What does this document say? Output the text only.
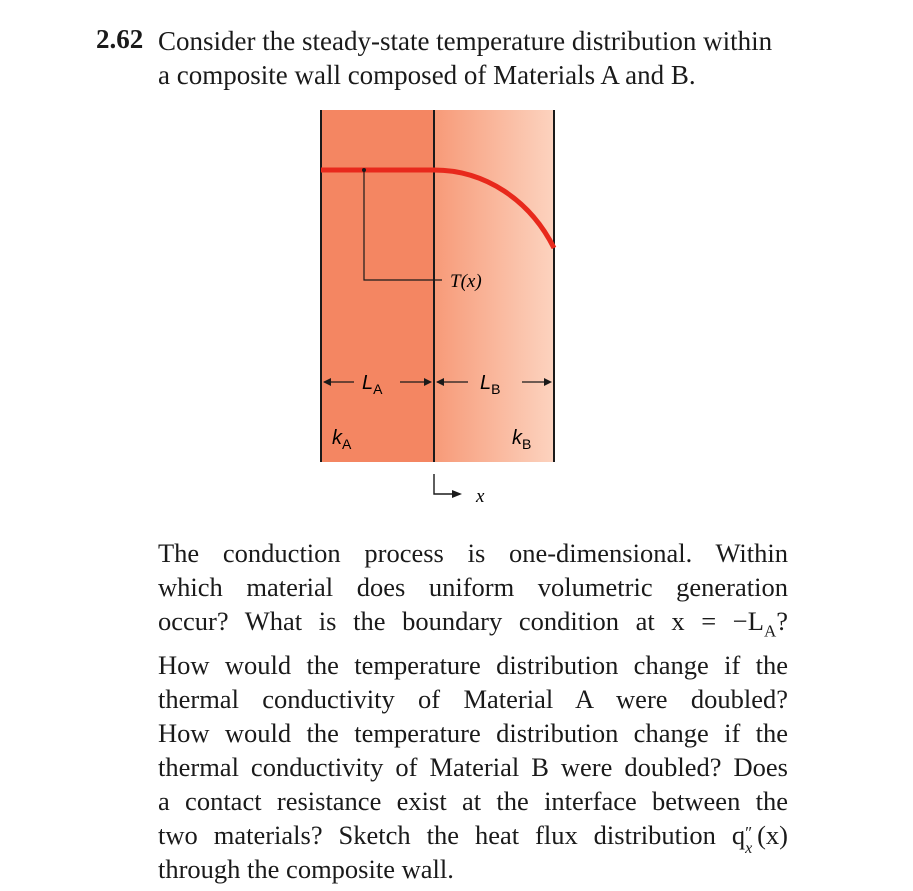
2.62 Consider the steady-state temperature distribution within
a composite wall composed of Materials A and B.
T(x)
$L_A$	$L_B$
$k_A$	$k_B$
x
The conduction process is one-dimensional. Within
which material does uniform volumetric generation
occur? What is the boundary condition at $x = -L_A$?
How would the temperature distribution change if the
thermal conductivity of Material A were doubled?
How would the temperature distribution change if the
thermal conductivity of Material B were doubled? Does
a contact resistance exist at the interface between the
two materials? Sketch the heat flux distribution q ″
x (x)
through the composite wall.
